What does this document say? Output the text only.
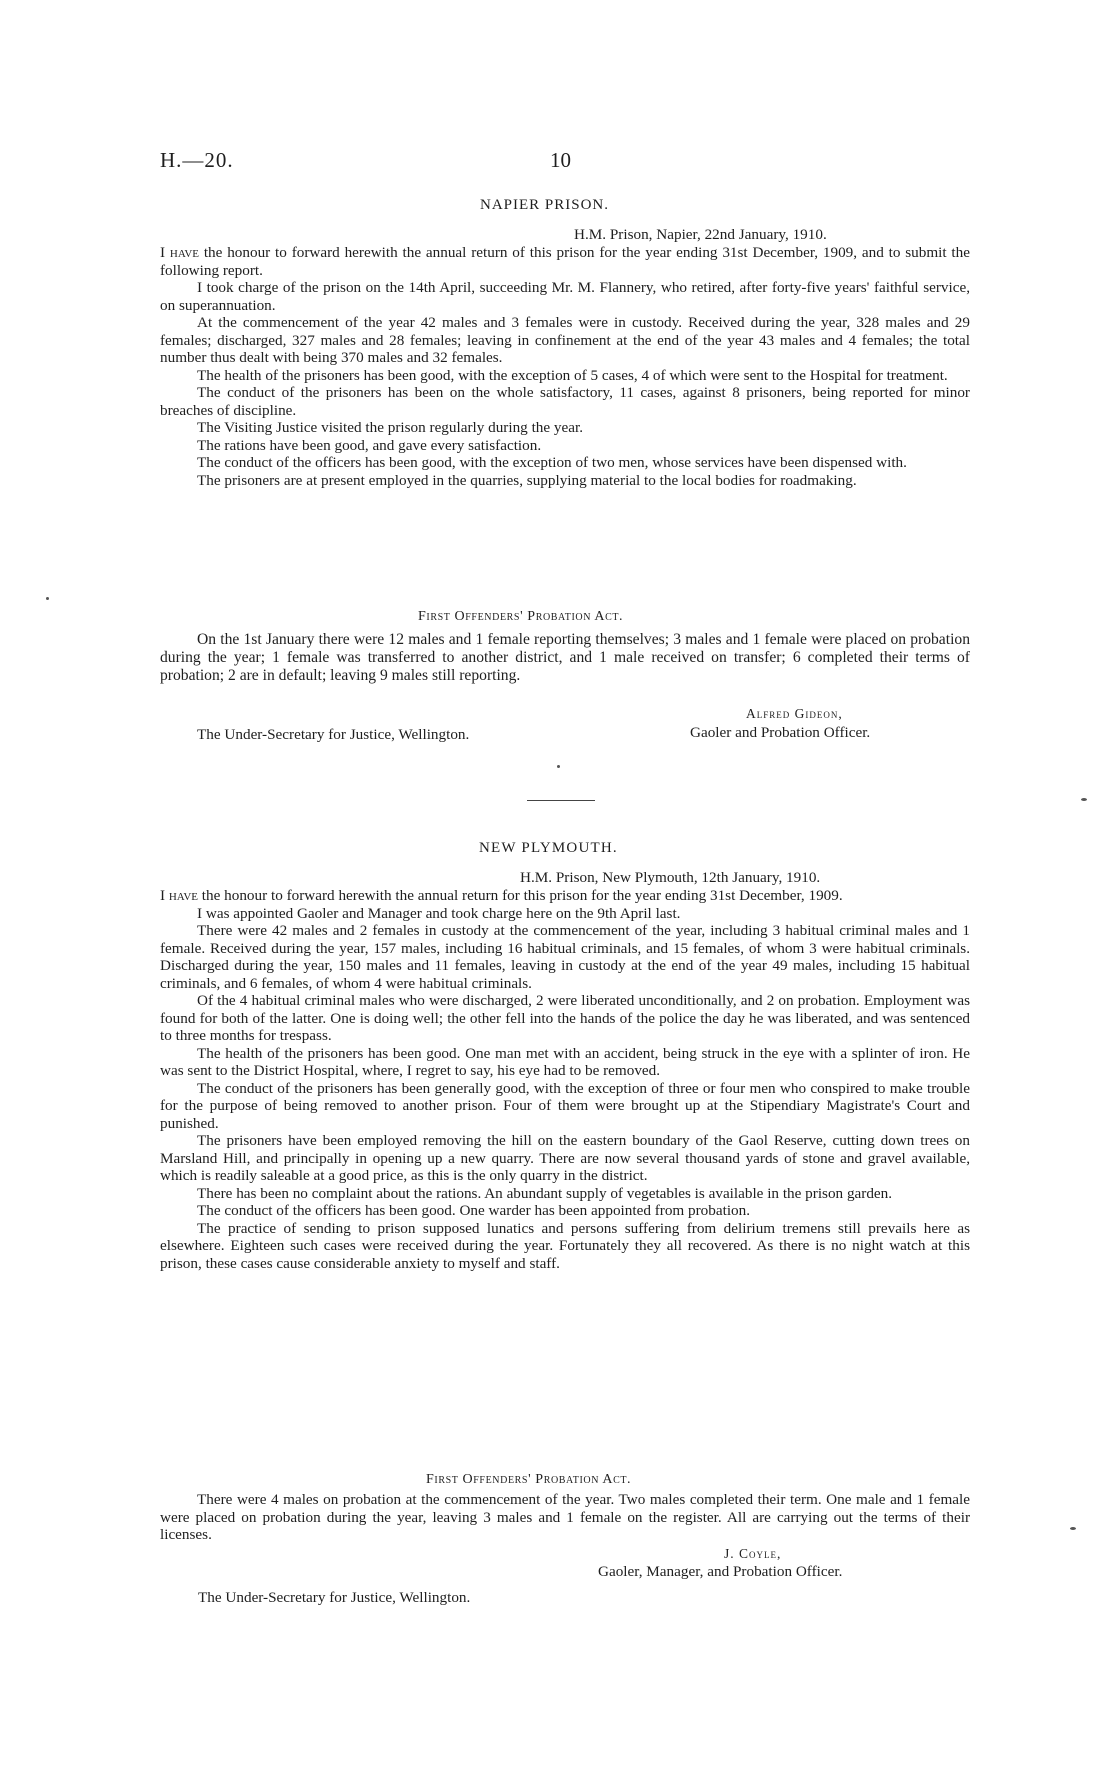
H.—20.	10
NAPIER PRISON.
H.M. Prison, Napier, 22nd January, 1910.

I have the honour to forward herewith the annual return of this prison for the year ending 31st December, 1909, and to submit the following report.

I took charge of the prison on the 14th April, succeeding Mr. M. Flannery, who retired, after forty-five years' faithful service, on superannuation.

At the commencement of the year 42 males and 3 females were in custody. Received during the year, 328 males and 29 females; discharged, 327 males and 28 females; leaving in confinement at the end of the year 43 males and 4 females; the total number thus dealt with being 370 males and 32 females.

The health of the prisoners has been good, with the exception of 5 cases, 4 of which were sent to the Hospital for treatment.

The conduct of the prisoners has been on the whole satisfactory, 11 cases, against 8 prisoners, being reported for minor breaches of discipline.

The Visiting Justice visited the prison regularly during the year.

The rations have been good, and gave every satisfaction.

The conduct of the officers has been good, with the exception of two men, whose services have been dispensed with.

The prisoners are at present employed in the quarries, supplying material to the local bodies for roadmaking.

First Offenders' Probation Act.

On the 1st January there were 12 males and 1 female reporting themselves; 3 males and 1 female were placed on probation during the year; 1 female was transferred to another district, and 1 male received on transfer; 6 completed their terms of probation; 2 are in default; leaving 9 males still reporting.

Alfred Gideon,
The Under-Secretary for Justice, Wellington.	Gaoler and Probation Officer.
NEW PLYMOUTH.
H.M. Prison, New Plymouth, 12th January, 1910.

I have the honour to forward herewith the annual return for this prison for the year ending 31st December, 1909.

I was appointed Gaoler and Manager and took charge here on the 9th April last.

There were 42 males and 2 females in custody at the commencement of the year, including 3 habitual criminal males and 1 female. Received during the year, 157 males, including 16 habitual criminals, and 15 females, of whom 3 were habitual criminals. Discharged during the year, 150 males and 11 females, leaving in custody at the end of the year 49 males, including 15 habitual criminals, and 6 females, of whom 4 were habitual criminals.

Of the 4 habitual criminal males who were discharged, 2 were liberated unconditionally, and 2 on probation. Employment was found for both of the latter. One is doing well; the other fell into the hands of the police the day he was liberated, and was sentenced to three months for trespass.

The health of the prisoners has been good. One man met with an accident, being struck in the eye with a splinter of iron. He was sent to the District Hospital, where, I regret to say, his eye had to be removed.

The conduct of the prisoners has been generally good, with the exception of three or four men who conspired to make trouble for the purpose of being removed to another prison. Four of them were brought up at the Stipendiary Magistrate's Court and punished.

The prisoners have been employed removing the hill on the eastern boundary of the Gaol Reserve, cutting down trees on Marsland Hill, and principally in opening up a new quarry. There are now several thousand yards of stone and gravel available, which is readily saleable at a good price, as this is the only quarry in the district.

There has been no complaint about the rations. An abundant supply of vegetables is available in the prison garden.

The conduct of the officers has been good. One warder has been appointed from probation.

The practice of sending to prison supposed lunatics and persons suffering from delirium tremens still prevails here as elsewhere. Eighteen such cases were received during the year. Fortunately they all recovered. As there is no night watch at this prison, these cases cause considerable anxiety to myself and staff.

First Offenders' Probation Act.

There were 4 males on probation at the commencement of the year. Two males completed their term. One male and 1 female were placed on probation during the year, leaving 3 males and 1 female on the register. All are carrying out the terms of their licenses.

J. Coyle,
Gaoler, Manager, and Probation Officer.
The Under-Secretary for Justice, Wellington.
